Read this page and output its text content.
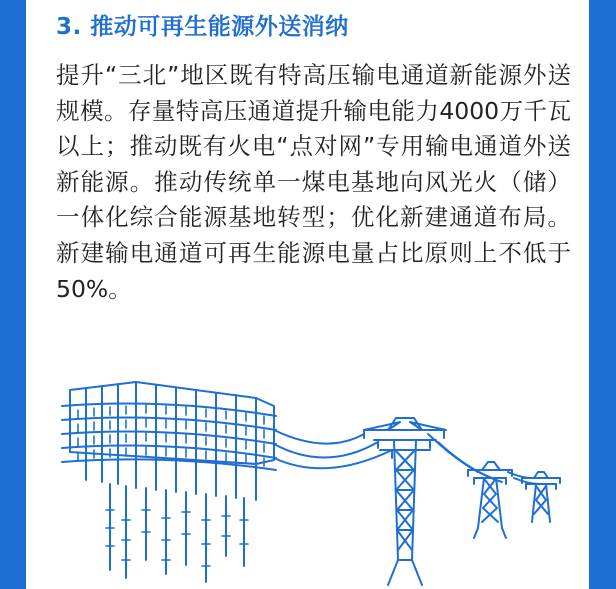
3. 推动可再生能源外送消纳

提升“三北”地区既有特高压输电通道新能源外送规模。存量特高压通道提升输电能力4000万千瓦以上；推动既有火电“点对网”专用输电通道外送新能源。推动传统单一煤电基地向风光火（储）一体化综合能源基地转型；优化新建通道布局。新建输电通道可再生能源电量占比原则上不低于50%。
